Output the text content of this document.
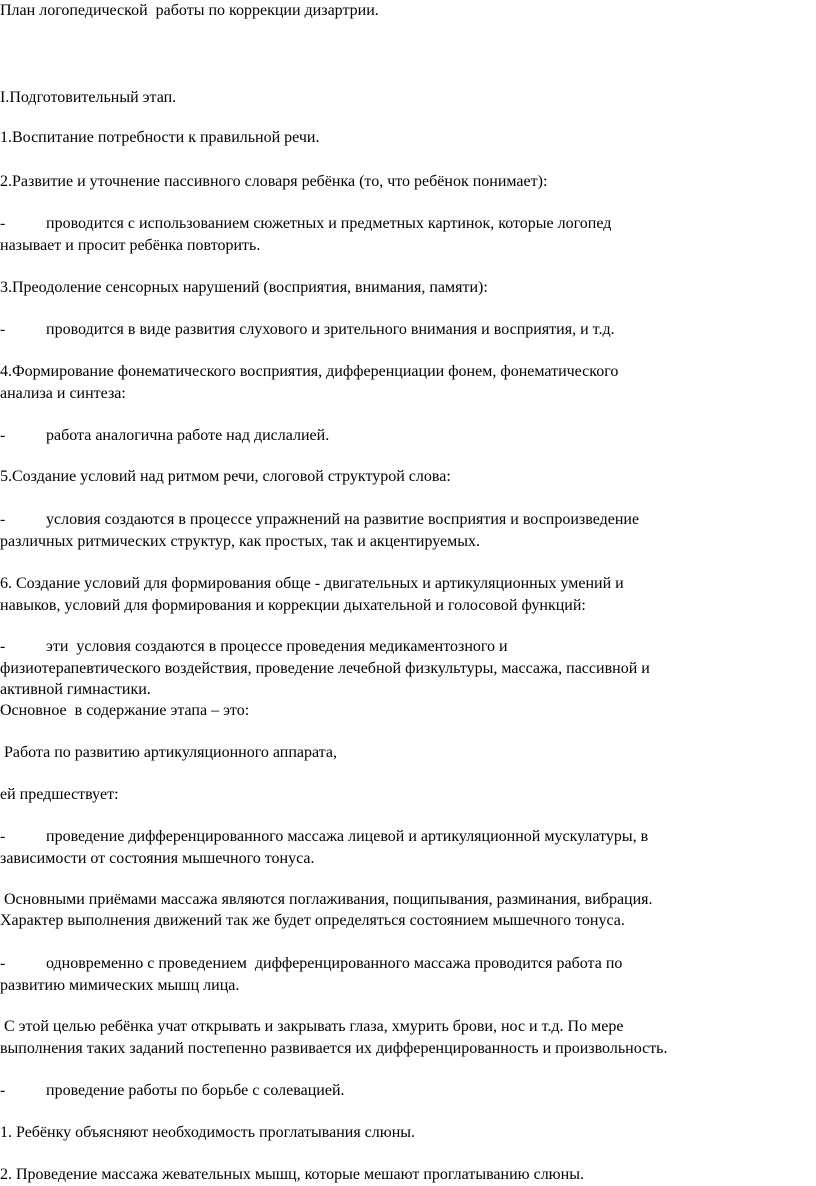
План логопедической  работы по коррекции дизартрии.

I.Подготовительный этап.

1.Воспитание потребности к правильной речи.

2.Развитие и уточнение пассивного словаря ребёнка (то, что ребёнок понимает):

-	проводится с использованием сюжетных и предметных картинок, которые логопед

называет и просит ребёнка повторить.

3.Преодоление сенсорных нарушений (восприятия, внимания, памяти):

-	проводится в виде развития слухового и зрительного внимания и восприятия, и т.д.

4.Формирование фонематического восприятия, дифференциации фонем, фонематического

анализа и синтеза:

-	работа аналогична работе над дислалией.

5.Создание условий над ритмом речи, слоговой структурой слова:

-	условия создаются в процессе упражнений на развитие восприятия и воспроизведение

различных ритмических структур, как простых, так и акцентируемых.

6. Создание условий для формирования обще - двигательных и артикуляционных умений и

навыков, условий для формирования и коррекции дыхательной и голосовой функций:

-	эти  условия создаются в процессе проведения медикаментозного и

физиотерапевтического воздействия, проведение лечебной физкультуры, массажа, пассивной и

активной гимнастики.

Основное  в содержание этапа – это:

Работа по развитию артикуляционного аппарата,

ей предшествует:

-	проведение дифференцированного массажа лицевой и артикуляционной мускулатуры, в

зависимости от состояния мышечного тонуса.

Основными приёмами массажа являются поглаживания, пощипывания, разминания, вибрация.

Характер выполнения движений так же будет определяться состоянием мышечного тонуса.

-	одновременно с проведением  дифференцированного массажа проводится работа по

развитию мимических мышц лица.

С этой целью ребёнка учат открывать и закрывать глаза, хмурить брови, нос и т.д. По мере

выполнения таких заданий постепенно развивается их дифференцированность и произвольность.

-	проведение работы по борьбе с солевацией.

1. Ребёнку объясняют необходимость проглатывания слюны.

2. Проведение массажа жевательных мышц, которые мешают проглатыванию слюны.
